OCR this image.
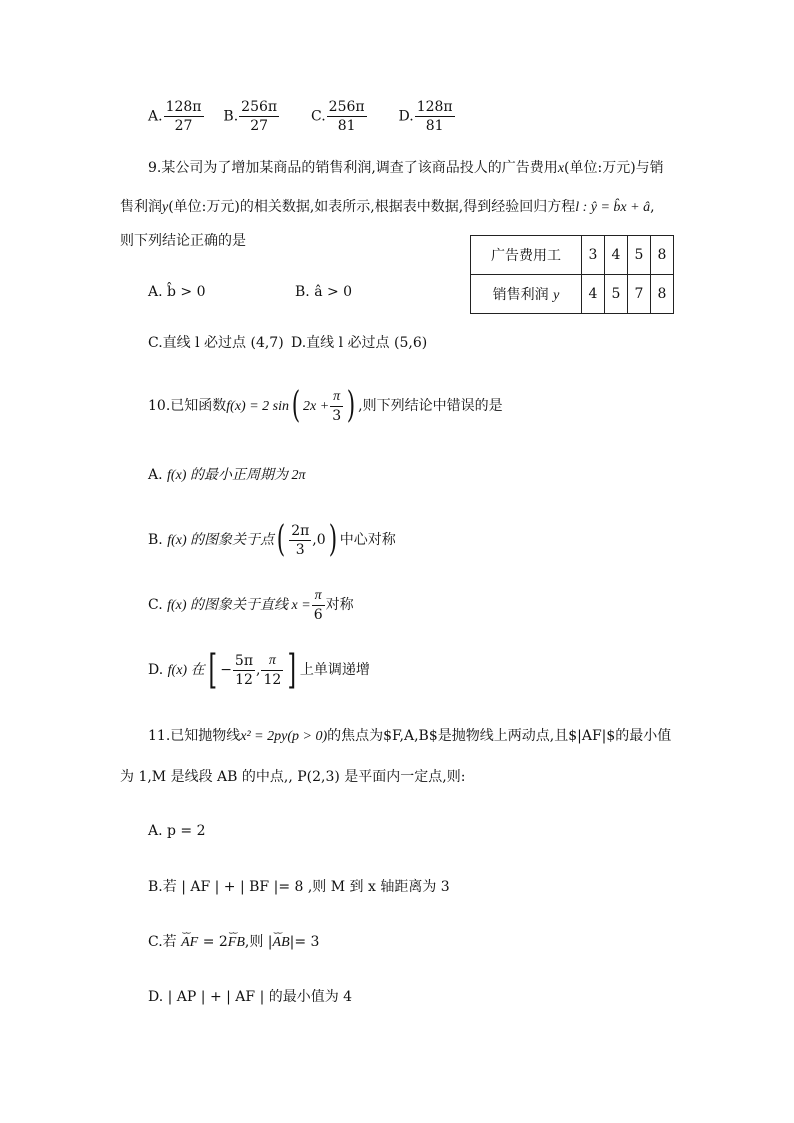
A. $\frac{128\pi}{27} B$. $\frac{256\pi}{27} C$. $\frac{256\pi}{81} D$. $\frac{128\pi}{81}$
9.某公司为了增加某商品的销售利润,调查了该商品投人的广告费用x(单位:万元)与销
售利润y(单位:万元)的相关数据,如表所示,根据表中数据,得到经验回归方程l : ŷ = b̂x + â,
则下列结论正确的是
广告费用工	3	4	5	8
销售利润 y	4	5	7	8
A. b̂ > 0	B. â > 0
C.直线 l 必过点 (4,7) D.直线 l 必过点 (5,6)
10.已知函数f(x) = 2 sin( $2x + \frac{\pi}{3}$ ) ,则下列结论中错误的是
A. f(x) 的最小正周期为 2π
B. f(x) 的图象关于点( $\frac{2\pi}{3} ,0$) 中心对称
C. f(x) 的图象关于直线 $x = \frac{\pi}{6}$ 对称
D. f(x) 在[ − $\frac{5\pi}{12}$ , $\frac{\pi}{12}$ ] 上单调递增
11.已知抛物线x² = 2py(p > 0)的焦点为$F,A,B$是抛物线上两动点,且$|AF|$的最小值
为 1,M 是线段 AB 的中点,, P(2,3) 是平面内一定点,则:
A. p = 2
B.若 | AF | + | BF |= 8 ,则 M 到 x 轴距离为 3
C.若 ⌣⌣ AF = 2⌣⌣ FB,则 |⌣⌣ AB|= 3
D. | AP | + | AF | 的最小值为 4
